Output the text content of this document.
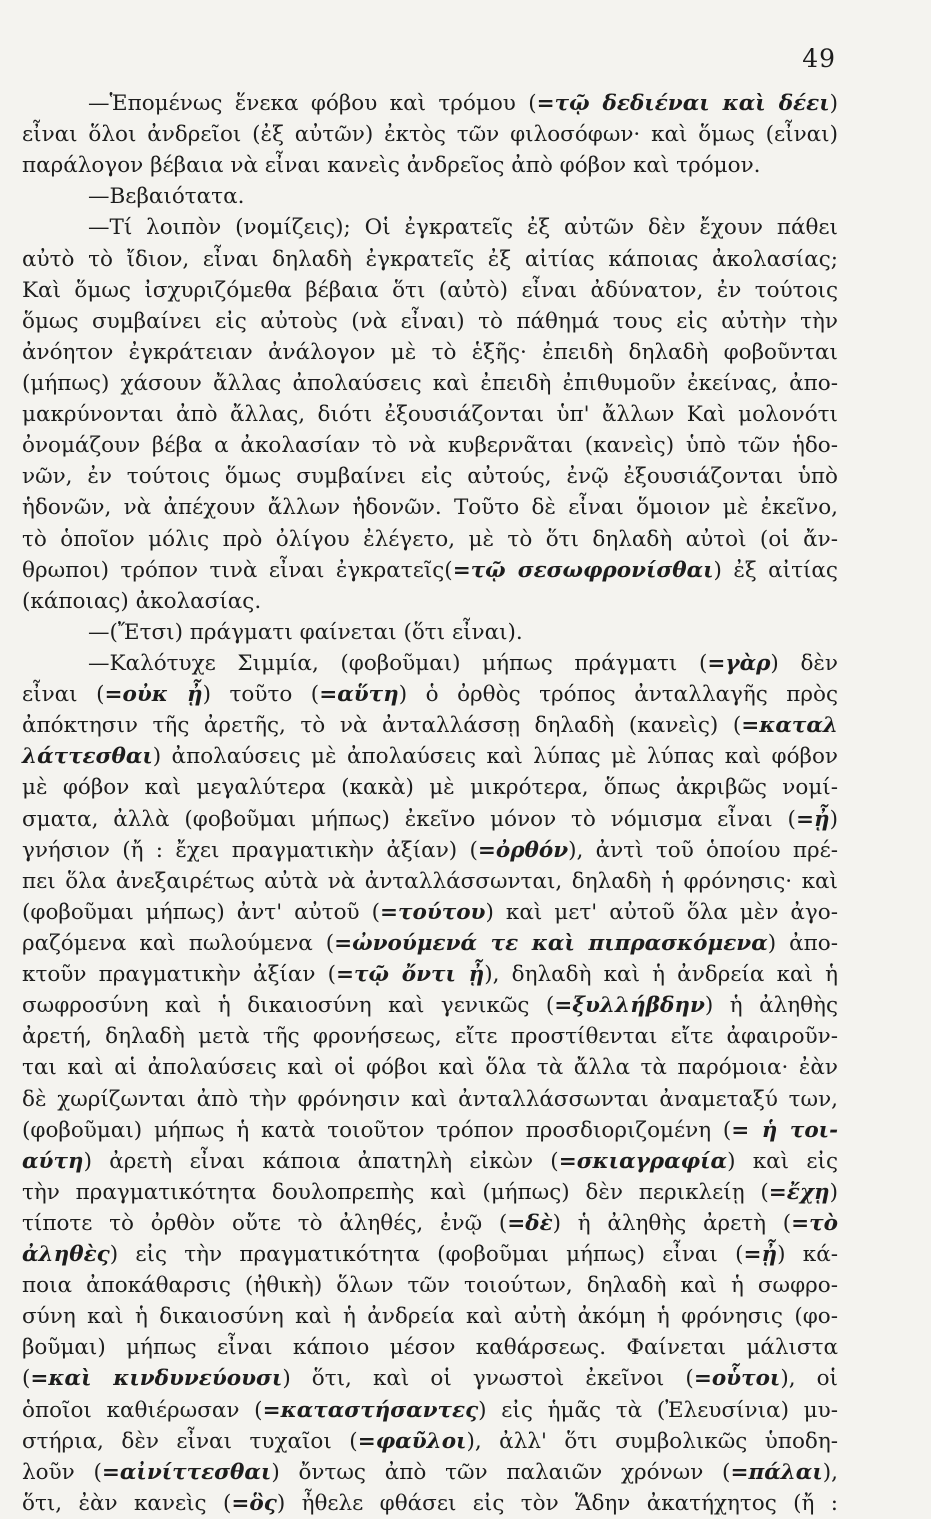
49
—Ἑπομένως ἕνεκα φόβου καὶ τρόμου (=τῷ δεδιέναι καὶ δέει)
εἶναι ὅλοι ἀνδρεῖοι (ἐξ αὐτῶν) ἐκτὸς τῶν φιλοσόφων· καὶ ὅμως (εἶναι)
παράλογον βέβαια νὰ εἶναι κανεὶς ἀνδρεῖος ἀπὸ φόβον καὶ τρόμον.
—Βεβαιότατα.
—Τί λοιπὸν (νομίζεις); Οἱ ἐγκρατεῖς ἐξ αὐτῶν δὲν ἔχουν πάθει
αὐτὸ τὸ ἴδιον, εἶναι δηλαδὴ ἐγκρατεῖς ἐξ αἰτίας κάποιας ἀκολασίας;
Καὶ ὅμως ἰσχυριζόμεθα βέβαια ὅτι (αὐτὸ) εἶναι ἀδύνατον, ἐν τούτοις
ὅμως συμβαίνει εἰς αὐτοὺς (νὰ εἶναι) τὸ πάθημά τους εἰς αὐτὴν τὴν
ἀνόητον ἐγκράτειαν ἀνάλογον μὲ τὸ ἑξῆς· ἐπειδὴ δηλαδὴ φοβοῦνται
(μήπως) χάσουν ἄλλας ἀπολαύσεις καὶ ἐπειδὴ ἐπιθυμοῦν ἐκείνας, ἀπο-
μακρύνονται ἀπὸ ἄλλας, διότι ἐξουσιάζονται ὑπ' ἄλλων Καὶ μολονότι
ὀνομάζουν βέβα α ἀκολασίαν τὸ νὰ κυβερνᾶται (κανεὶς) ὑπὸ τῶν ἡδο-
νῶν, ἐν τούτοις ὅμως συμβαίνει εἰς αὐτούς, ἐνῷ ἐξουσιάζονται ὑπὸ
ἡδονῶν, νὰ ἀπέχουν ἄλλων ἡδονῶν. Τοῦτο δὲ εἶναι ὅμοιον μὲ ἐκεῖνο,
τὸ ὁποῖον μόλις πρὸ ὀλίγου ἐλέγετο, μὲ τὸ ὅτι δηλαδὴ αὐτοὶ (οἱ ἄν-
θρωποι) τρόπον τινὰ εἶναι ἐγκρατεῖς(=τῷ σεσωφρονίσθαι) ἐξ αἰτίας
(κάποιας) ἀκολασίας.
—(Ἔτσι) πράγματι φαίνεται (ὅτι εἶναι).
—Καλότυχε Σιμμία, (φοβοῦμαι) μήπως πράγματι (=γὰρ) δὲν
εἶναι (=οὐκ ᾖ) τοῦτο (=αὕτη) ὁ ὀρθὸς τρόπος ἀνταλλαγῆς πρὸς
ἀπόκτησιν τῆς ἀρετῆς, τὸ νὰ ἀνταλλάσσῃ δηλαδὴ (κανεὶς) (=καταλ
λάττεσθαι) ἀπολαύσεις μὲ ἀπολαύσεις καὶ λύπας μὲ λύπας καὶ φόβον
μὲ φόβον καὶ μεγαλύτερα (κακὰ) μὲ μικρότερα, ὅπως ἀκριβῶς νομί-
σματα, ἀλλὰ (φοβοῦμαι μήπως) ἐκεῖνο μόνον τὸ νόμισμα εἶναι (=ᾖ)
γνήσιον (ἤ : ἔχει πραγματικὴν ἀξίαν) (=ὀρθόν), ἀντὶ τοῦ ὁποίου πρέ-
πει ὅλα ἀνεξαιρέτως αὐτὰ νὰ ἀνταλλάσσωνται, δηλαδὴ ἡ φρόνησις· καὶ
(φοβοῦμαι μήπως) ἀντ' αὐτοῦ (=τούτου) καὶ μετ' αὐτοῦ ὅλα μὲν ἀγο-
ραζόμενα καὶ πωλούμενα (=ὠνούμενά τε καὶ πιπρασκόμενα) ἀπο-
κτοῦν πραγματικὴν ἀξίαν (=τῷ ὄντι ᾖ), δηλαδὴ καὶ ἡ ἀνδρεία καὶ ἡ
σωφροσύνη καὶ ἡ δικαιοσύνη καὶ γενικῶς (=ξυλλήβδην) ἡ ἀληθὴς
ἀρετή, δηλαδὴ μετὰ τῆς φρονήσεως, εἴτε προστίθενται εἴτε ἀφαιροῦν-
ται καὶ αἱ ἀπολαύσεις καὶ οἱ φόβοι καὶ ὅλα τὰ ἄλλα τὰ παρόμοια· ἐὰν
δὲ χωρίζωνται ἀπὸ τὴν φρόνησιν καὶ ἀνταλλάσσωνται ἀναμεταξύ των,
(φοβοῦμαι) μήπως ἡ κατὰ τοιοῦτον τρόπον προσδιοριζομένη (= ἡ τοι-
αύτη) ἀρετὴ εἶναι κάποια ἀπατηλὴ εἰκὼν (=σκιαγραφία) καὶ εἰς
τὴν πραγματικότητα δουλοπρεπὴς καὶ (μήπως) δὲν περικλείῃ (=ἔχῃ)
τίποτε τὸ ὀρθὸν οὔτε τὸ ἀληθές, ἐνῷ (=δὲ) ἡ ἀληθὴς ἀρετὴ (=τὸ
ἀληθὲς) εἰς τὴν πραγματικότητα (φοβοῦμαι μήπως) εἶναι (=ᾖ) κά-
ποια ἀποκάθαρσις (ἠθικὴ) ὅλων τῶν τοιούτων, δηλαδὴ καὶ ἡ σωφρο-
σύνη καὶ ἡ δικαιοσύνη καὶ ἡ ἀνδρεία καὶ αὐτὴ ἀκόμη ἡ φρόνησις (φο-
βοῦμαι) μήπως εἶναι κάποιο μέσον καθάρσεως. Φαίνεται μάλιστα
(=καὶ κινδυνεύουσι) ὅτι, καὶ οἱ γνωστοὶ ἐκεῖνοι (=οὗτοι), οἱ
ὁποῖοι καθιέρωσαν (=καταστήσαντες) εἰς ἡμᾶς τὰ (Ἐλευσίνια) μυ-
στήρια, δὲν εἶναι τυχαῖοι (=φαῦλοι), ἀλλ' ὅτι συμβολικῶς ὑποδη-
λοῦν (=αἰνίττεσθαι) ὄντως ἀπὸ τῶν παλαιῶν χρόνων (=πάλαι),
ὅτι, ἐὰν κανεὶς (=ὃς) ἦθελε φθάσει εἰς τὸν Ἅδην ἀκατήχητος (ἤ :
